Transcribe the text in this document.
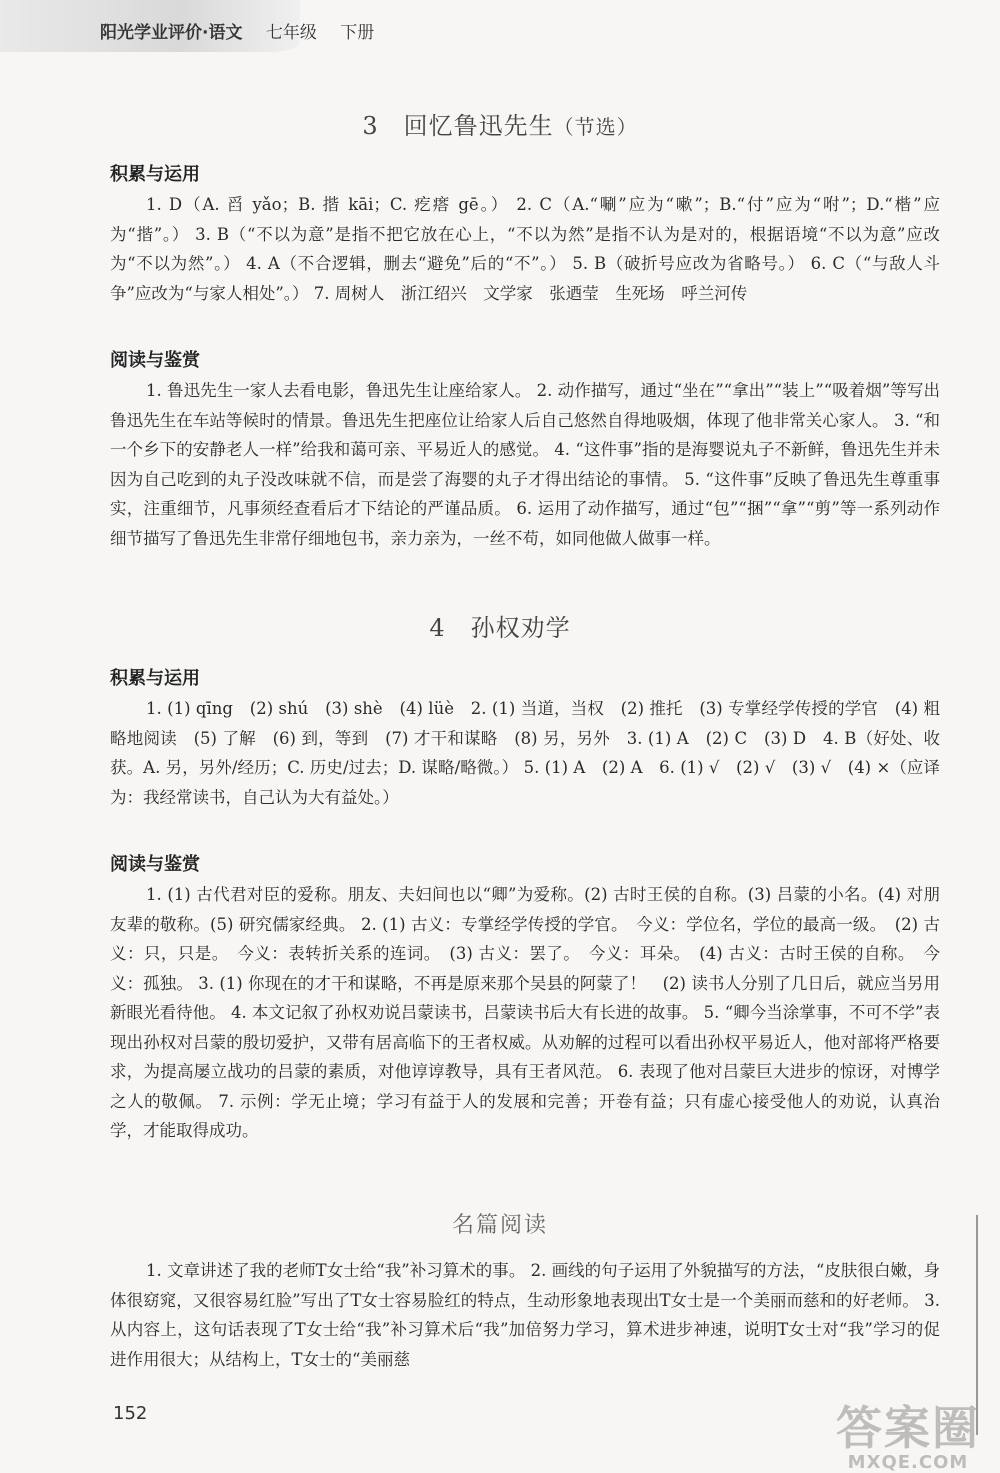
阳光学业评价·语文 七年级 下册
3　回忆鲁迅先生（节选）
积累与运用
1. D（A. 舀 yǎo；B. 揩 kāi；C. 疙瘩 gē。） 2. C（A.“唰”应为“嗽”；B.“付”应为“咐”；D.“楷”应为“揩”。） 3. B（“不以为意”是指不把它放在心上，“不以为然”是指不认为是对的，根据语境“不以为意”应改为“不以为然”。） 4. A（不合逻辑，删去“避免”后的“不”。） 5. B（破折号应改为省略号。） 6. C（“与敌人斗争”应改为“与家人相处”。） 7. 周树人　浙江绍兴　文学家　张迺莹　生死场　呼兰河传
阅读与鉴赏
1. 鲁迅先生一家人去看电影，鲁迅先生让座给家人。 2. 动作描写，通过“坐在”“拿出”“装上”“吸着烟”等写出鲁迅先生在车站等候时的情景。鲁迅先生把座位让给家人后自己悠然自得地吸烟，体现了他非常关心家人。 3. “和一个乡下的安静老人一样”给我和蔼可亲、平易近人的感觉。 4. “这件事”指的是海婴说丸子不新鲜，鲁迅先生并未因为自己吃到的丸子没改味就不信，而是尝了海婴的丸子才得出结论的事情。 5. “这件事”反映了鲁迅先生尊重事实，注重细节，凡事须经查看后才下结论的严谨品质。 6. 运用了动作描写，通过“包”“捆”“拿”“剪”等一系列动作细节描写了鲁迅先生非常仔细地包书，亲力亲为，一丝不苟，如同他做人做事一样。
4　孙权劝学
积累与运用
1. (1) qīng　(2) shú　(3) shè　(4) lüè　2. (1) 当道，当权　(2) 推托　(3) 专掌经学传授的学官　(4) 粗略地阅读　(5) 了解　(6) 到，等到　(7) 才干和谋略　(8) 另，另外　3. (1) A　(2) C　(3) D　4. B（好处、收获。A. 另，另外/经历；C. 历史/过去；D. 谋略/略微。） 5. (1) A　(2) A　6. (1) √　(2) √　(3) √　(4) ×（应译为：我经常读书，自己认为大有益处。）
阅读与鉴赏
1. (1) 古代君对臣的爱称。朋友、夫妇间也以“卿”为爱称。(2) 古时王侯的自称。(3) 吕蒙的小名。(4) 对朋友辈的敬称。(5) 研究儒家经典。 2. (1) 古义：专掌经学传授的学官。　今义：学位名，学位的最高一级。　(2) 古义：只，只是。　今义：表转折关系的连词。　(3) 古义：罢了。　今义：耳朵。　(4) 古义：古时王侯的自称。　今义：孤独。 3. (1) 你现在的才干和谋略，不再是原来那个吴县的阿蒙了！　(2) 读书人分别了几日后，就应当另用新眼光看待他。 4. 本文记叙了孙权劝说吕蒙读书，吕蒙读书后大有长进的故事。 5. “卿今当涂掌事，不可不学”表现出孙权对吕蒙的殷切爱护，又带有居高临下的王者权威。从劝解的过程可以看出孙权平易近人，他对部将严格要求，为提高屡立战功的吕蒙的素质，对他谆谆教导，具有王者风范。 6. 表现了他对吕蒙巨大进步的惊讶，对博学之人的敬佩。 7. 示例：学无止境；学习有益于人的发展和完善；开卷有益；只有虚心接受他人的劝说，认真治学，才能取得成功。
名篇阅读
1. 文章讲述了我的老师T女士给“我”补习算术的事。 2. 画线的句子运用了外貌描写的方法，“皮肤很白嫩，身体很窈窕，又很容易红脸”写出了T女士容易脸红的特点，生动形象地表现出T女士是一个美丽而慈和的好老师。 3. 从内容上，这句话表现了T女士给“我”补习算术后“我”加倍努力学习，算术进步神速，说明T女士对“我”学习的促进作用很大；从结构上，T女士的“美丽慈
152	答案圈
MXQE.COM
